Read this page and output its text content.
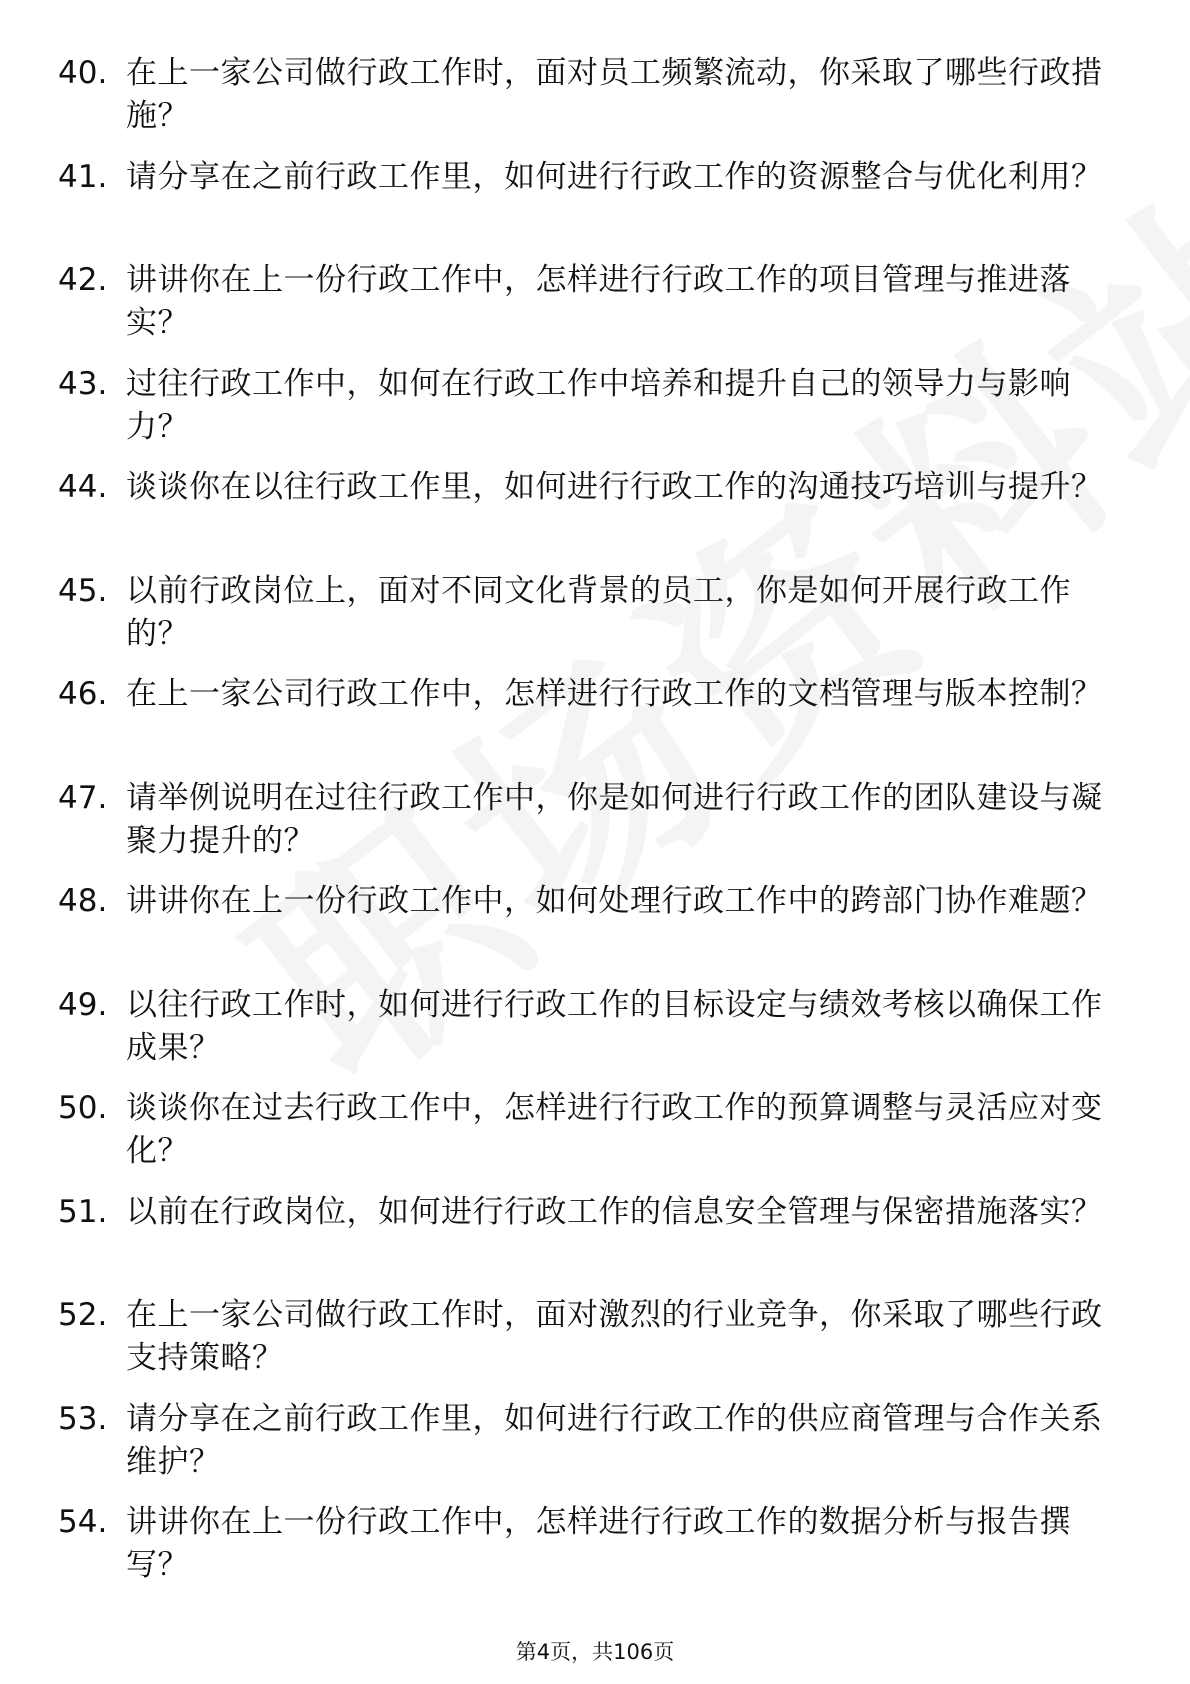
40. 在上一家公司做行政工作时，面对员工频繁流动，你采取了哪些行政措施？
41. 请分享在之前行政工作里，如何进行行政工作的资源整合与优化利用？
42. 讲讲你在上一份行政工作中，怎样进行行政工作的项目管理与推进落实？
43. 过往行政工作中，如何在行政工作中培养和提升自己的领导力与影响力？
44. 谈谈你在以往行政工作里，如何进行行政工作的沟通技巧培训与提升？
45. 以前行政岗位上，面对不同文化背景的员工，你是如何开展行政工作的？
46. 在上一家公司行政工作中，怎样进行行政工作的文档管理与版本控制？
47. 请举例说明在过往行政工作中，你是如何进行行政工作的团队建设与凝聚力提升的？
48. 讲讲你在上一份行政工作中，如何处理行政工作中的跨部门协作难题？
49. 以往行政工作时，如何进行行政工作的目标设定与绩效考核以确保工作成果？
50. 谈谈你在过去行政工作中，怎样进行行政工作的预算调整与灵活应对变化？
51. 以前在行政岗位，如何进行行政工作的信息安全管理与保密措施落实？
52. 在上一家公司做行政工作时，面对激烈的行业竞争，你采取了哪些行政支持策略？
53. 请分享在之前行政工作里，如何进行行政工作的供应商管理与合作关系维护？
54. 讲讲你在上一份行政工作中，怎样进行行政工作的数据分析与报告撰写？
第4页，共106页
